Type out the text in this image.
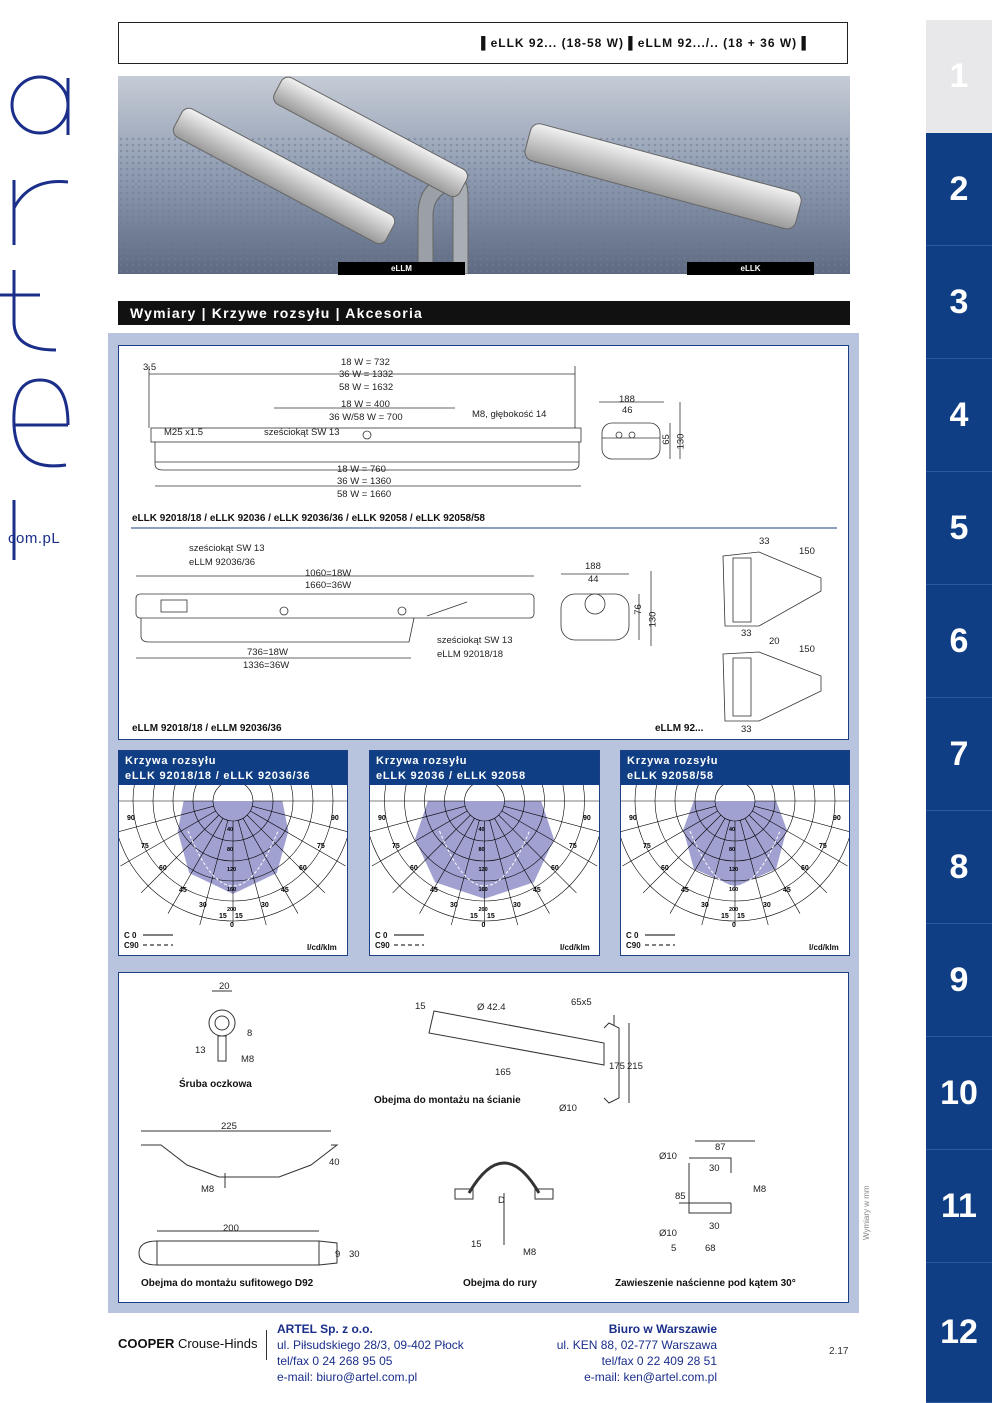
com.pL
1
2
3
4
5
6
7
8
9
10
11
12
▌eLLK 92... (18-58 W) ▌eLLM 92.../.. (18 + 36 W) ▌
eLLM	eLLK
Wymiary | Krzywe rozsyłu | Akcesoria
3.5	18 W = 732
36 W = 1332
58 W = 1632
18 W = 400
36 W/58 W = 700	M8, głębokość 14
M25 x1.5	sześciokąt SW 13
18 W = 760
36 W = 1360
58 W = 1660
188
46
65 130
eLLK 92018/18 / eLLK 92036 / eLLK 92036/36 / eLLK 92058 / eLLK 92058/58
sześciokąt SW 13
eLLM 92036/36
1060=18W
1660=36W
sześciokąt SW 13
eLLM 92018/18
736=18W
1336=36W
188
44
76
130
33
150
33
20
150
33
eLLM 92018/18 / eLLM 92036/36	eLLM 92...
Krzywa rozsyłu
eLLK 92018/18 / eLLK 92036/36
90	90
75	75
60	60
45	45
30	30
15 15
0
40
80
120
160
200
C 0
C90	I/cd/klm
Krzywa rozsyłu
eLLK 92036 / eLLK 92058
90	90
75	75
60	60
45	45
30	30
15 15
0
40
80
120
160
200
C 0
C90	I/cd/klm
Krzywa rozsyłu
eLLK 92058/58
90	90
75	75
60	60
45	45
30	30
15 15
0
40
80
120
160
200
C 0
C90	I/cd/klm
20
8
13
M8
Śruba oczkowa
15	Ø 42.4	65x5
165
175 215
Ø10
Obejma do montażu na ścianie
225
40
M8
200
9 30
Obejma do montażu sufitowego D92
D
15
M8
Obejma do rury
Ø10
87
30
M8
85
Ø10
30
5	68
Zawieszenie naścienne pod kątem 30°
Wymiary w mm
COOPER Crouse-Hinds
ARTEL Sp. z o.o.
ul. Piłsudskiego 28/3, 09-402 Płock
tel/fax 0 24 268 95 05
e-mail: biuro@artel.com.pl
Biuro w Warszawie
ul. KEN 88, 02-777 Warszawa
tel/fax 0 22 409 28 51
e-mail: ken@artel.com.pl
2.17
